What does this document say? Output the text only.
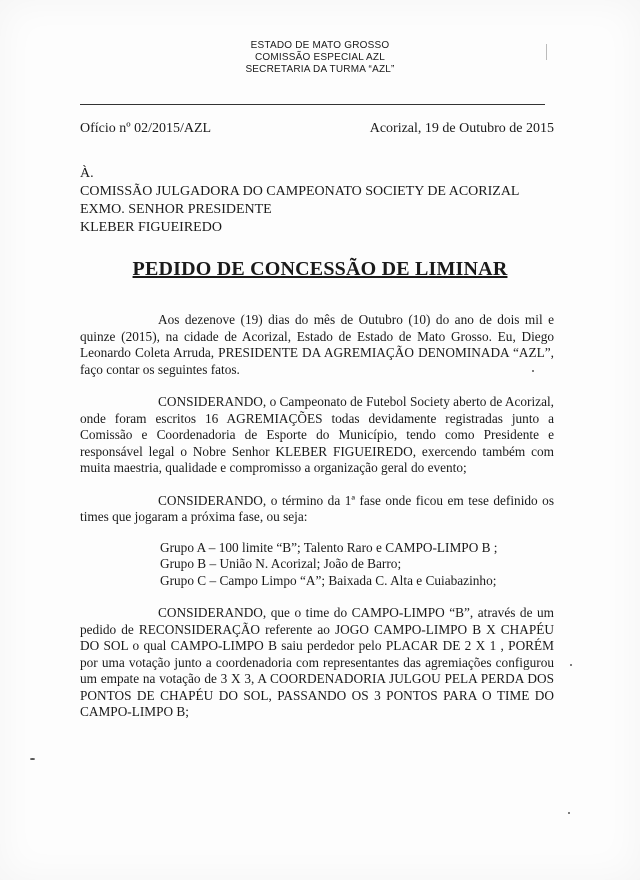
ESTADO DE MATO GROSSO
COMISSÃO ESPECIAL AZL
SECRETARIA DA TURMA “AZL”
Ofício nº 02/2015/AZL	Acorizal, 19 de Outubro de 2015
À.
COMISSÃO JULGADORA DO CAMPEONATO SOCIETY DE ACORIZAL
EXMO. SENHOR PRESIDENTE
KLEBER FIGUEIREDO
PEDIDO DE CONCESSÃO DE LIMINAR

Aos dezenove (19) dias do mês de Outubro (10) do ano de dois mil e quinze (2015), na cidade de Acorizal, Estado de Estado de Mato Grosso. Eu, Diego Leonardo Coleta Arruda, PRESIDENTE DA AGREMIAÇÃO DENOMINADA “AZL”, faço contar os seguintes fatos.

CONSIDERANDO, o Campeonato de Futebol Society aberto de Acorizal, onde foram escritos 16 AGREMIAÇÕES todas devidamente registradas junto a Comissão e Coordenadoria de Esporte do Município, tendo como Presidente e responsável legal o Nobre Senhor KLEBER FIGUEIREDO, exercendo também com muita maestria, qualidade e compromisso a organização geral do evento;

CONSIDERANDO, o término da 1ª fase onde ficou em tese definido os times que jogaram a próxima fase, ou seja:

Grupo A – 100 limite “B”; Talento Raro e CAMPO-LIMPO B ;
Grupo B – União N. Acorizal; João de Barro;
Grupo C – Campo Limpo “A”; Baixada C. Alta e Cuiabazinho;

CONSIDERANDO, que o time do CAMPO-LIMPO “B”, através de um pedido de RECONSIDERAÇÃO referente ao JOGO CAMPO-LIMPO B X CHAPÉU DO SOL o qual CAMPO-LIMPO B saiu perdedor pelo PLACAR DE 2 X 1 , PORÉM por uma votação junto a coordenadoria com representantes das agremiações configurou um empate na votação de 3 X 3, A COORDENADORIA JULGOU PELA PERDA DOS PONTOS DE CHAPÉU DO SOL, PASSANDO OS 3 PONTOS PARA O TIME DO CAMPO-LIMPO B;
